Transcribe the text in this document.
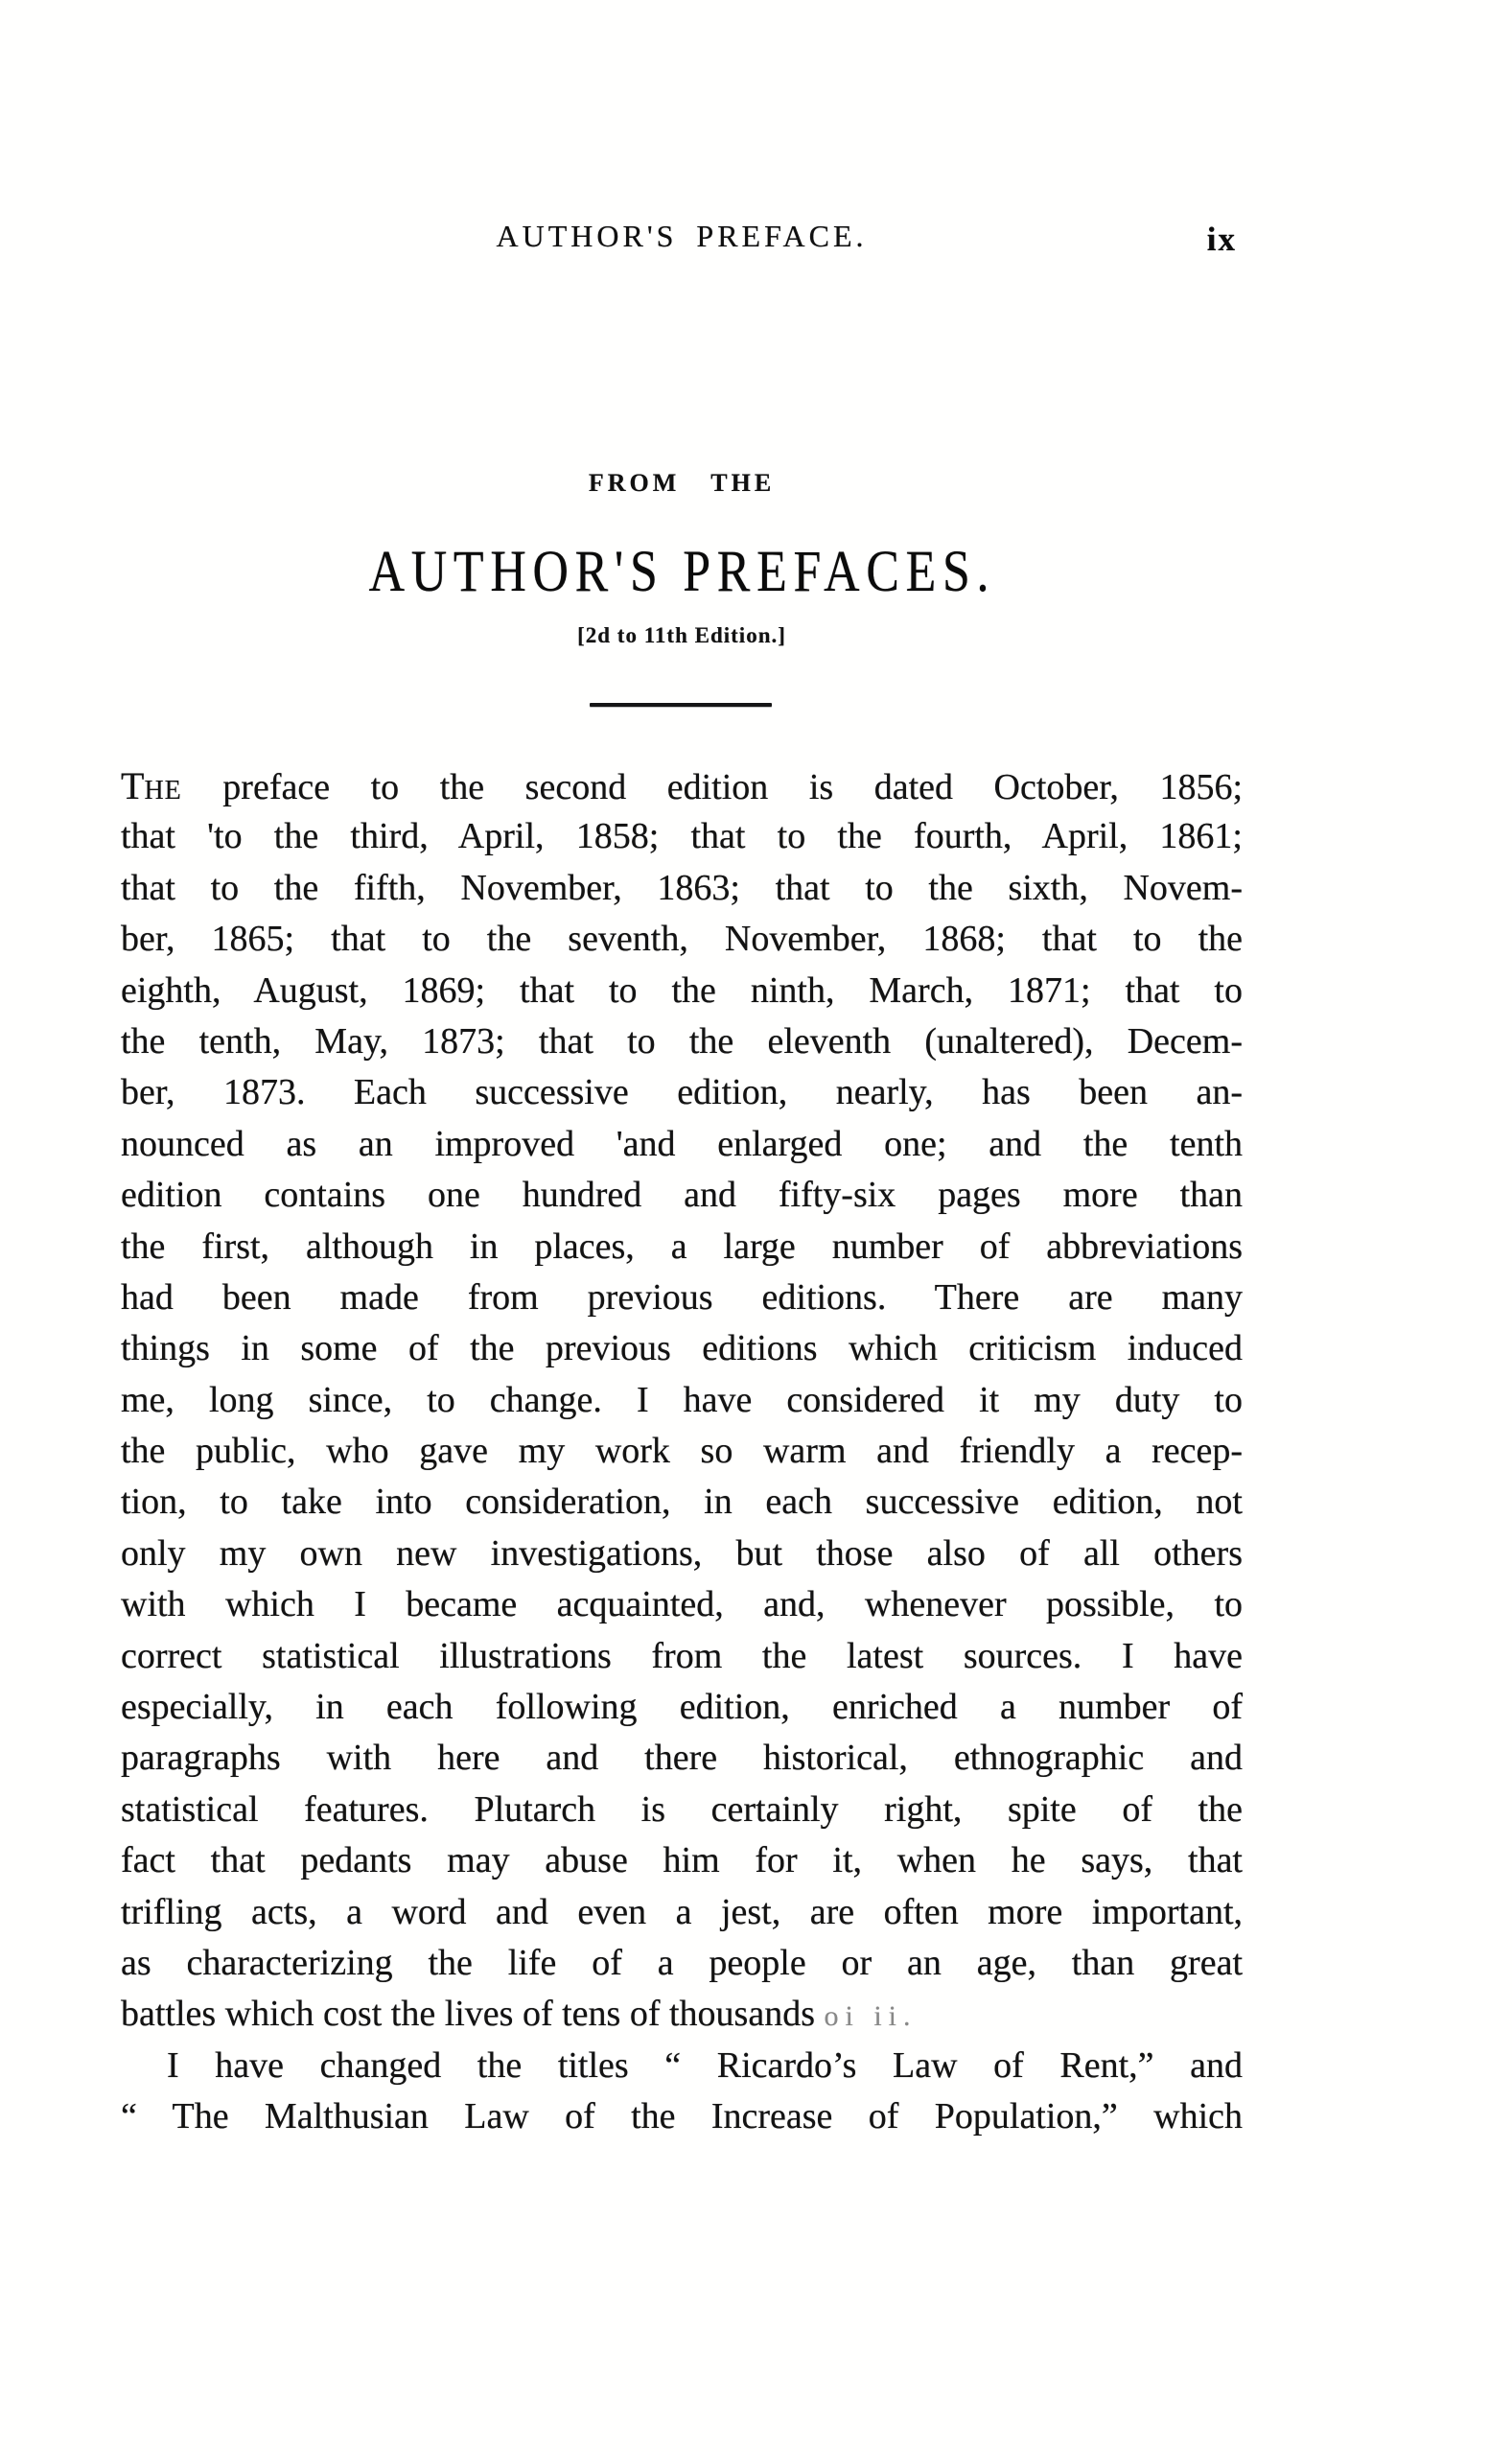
AUTHOR'S PREFACE.	ix
FROM THE
AUTHOR'S PREFACES.
[2d to 11th Edition.]
THE preface to the second edition is dated October, 1856;
that 'to the third, April, 1858; that to the fourth, April, 1861;
that to the fifth, November, 1863; that to the sixth, Novem-
ber, 1865; that to the seventh, November, 1868; that to the
eighth, August, 1869; that to the ninth, March, 1871; that to
the tenth, May, 1873; that to the eleventh (unaltered), Decem-
ber, 1873. Each successive edition, nearly, has been an-
nounced as an improved 'and enlarged one; and the tenth
edition contains one hundred and fifty-six pages more than
the first, although in places, a large number of abbreviations
had been made from previous editions. There are many
things in some of the previous editions which criticism induced
me, long since, to change. I have considered it my duty to
the public, who gave my work so warm and friendly a recep-
tion, to take into consideration, in each successive edition, not
only my own new investigations, but those also of all others
with which I became acquainted, and, whenever possible, to
correct statistical illustrations from the latest sources. I have
especially, in each following edition, enriched a number of
paragraphs with here and there historical, ethnographic and
statistical features. Plutarch is certainly right, spite of the
fact that pedants may abuse him for it, when he says, that
trifling acts, a word and even a jest, are often more important,
as characterizing the life of a people or an age, than great
battles which cost the lives of tens of thousands oi ii.
I have changed the titles “ Ricardo’s Law of Rent,” and
“ The Malthusian Law of the Increase of Population,” which
